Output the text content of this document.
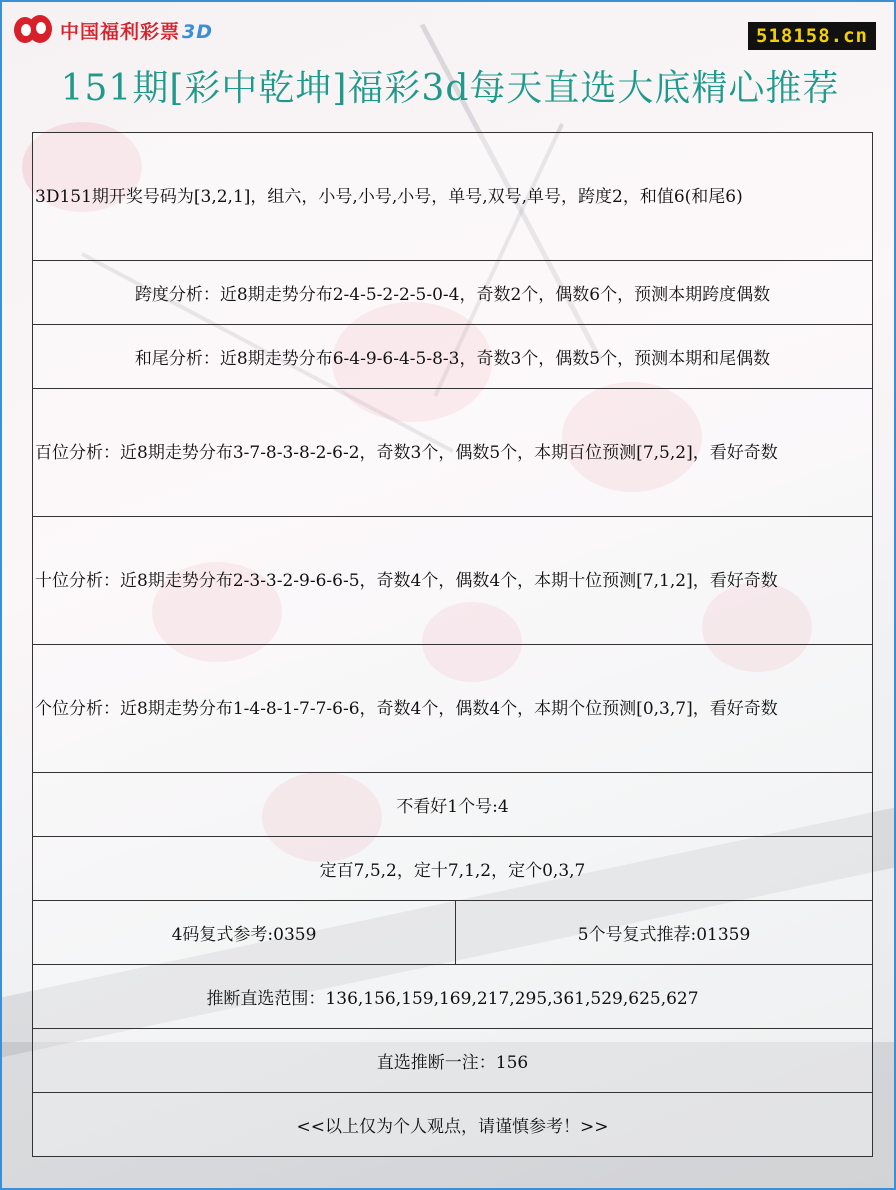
中国福利彩票 3D	518158.cn
151期[彩中乾坤]福彩3d每天直选大底精心推荐
3D151期开奖号码为[3,2,1]，组六，小号,小号,小号，单号,双号,单号，跨度2，和值6(和尾6)
跨度分析：近8期走势分布2-4-5-2-2-5-0-4，奇数2个，偶数6个，预测本期跨度偶数
和尾分析：近8期走势分布6-4-9-6-4-5-8-3，奇数3个，偶数5个，预测本期和尾偶数
百位分析：近8期走势分布3-7-8-3-8-2-6-2，奇数3个，偶数5个，本期百位预测[7,5,2]，看好奇数
十位分析：近8期走势分布2-3-3-2-9-6-6-5，奇数4个，偶数4个，本期十位预测[7,1,2]，看好奇数
个位分析：近8期走势分布1-4-8-1-7-7-6-6，奇数4个，偶数4个，本期个位预测[0,3,7]，看好奇数
不看好1个号:4
定百7,5,2，定十7,1,2，定个0,3,7
4码复式参考:0359	5个号复式推荐:01359
推断直选范围：136,156,159,169,217,295,361,529,625,627
直选推断一注：156
<<以上仅为个人观点，请谨慎参考！>>
